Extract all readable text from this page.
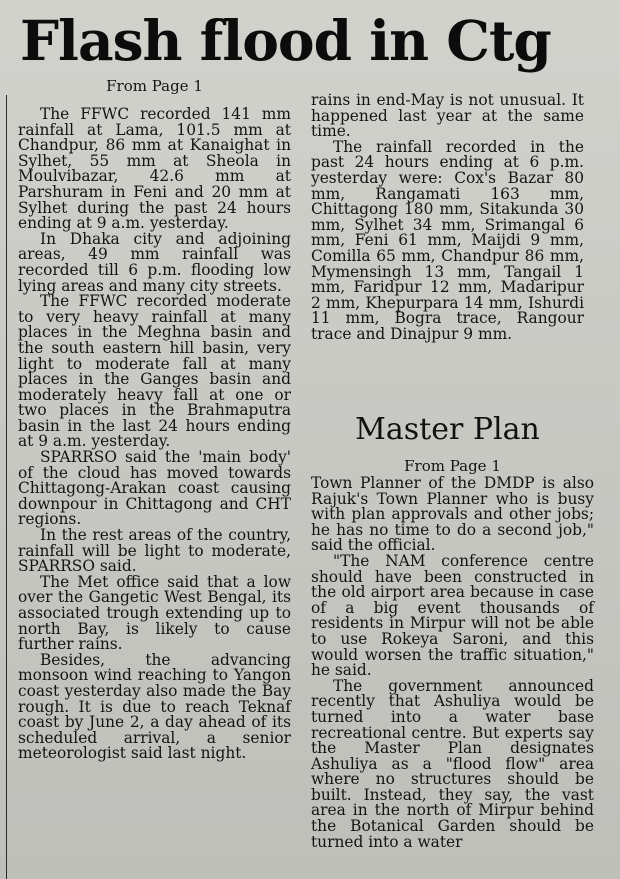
Flash flood in Ctg
From Page 1

The FFWC recorded 141 mm rainfall at Lama, 101.5 mm at Chandpur, 86 mm at Kanaighat in Sylhet, 55 mm at Sheola in Moulvibazar, 42.6 mm at Parshuram in Feni and 20 mm at Sylhet during the past 24 hours ending at 9 a.m. yesterday.

In Dhaka city and adjoining areas, 49 mm rainfall was recorded till 6 p.m. flooding low lying areas and many city streets.

The FFWC recorded moderate to very heavy rainfall at many places in the Meghna basin and the south eastern hill basin, very light to moderate fall at many places in the Ganges basin and moderately heavy fall at one or two places in the Brahmaputra basin in the last 24 hours ending at 9 a.m. yesterday.

SPARRSO said the 'main body' of the cloud has moved towards Chittagong-Arakan coast causing downpour in Chittagong and CHT regions.

In the rest areas of the country, rainfall will be light to moderate, SPARRSO said.

The Met office said that a low over the Gangetic West Bengal, its associated trough extending up to north Bay, is likely to cause further rains.

Besides, the advancing monsoon wind reaching to Yangon coast yesterday also made the Bay rough. It is due to reach Teknaf coast by June 2, a day ahead of its scheduled arrival, a senior meteorologist said last night.

rains in end-May is not unusual. It happened last year at the same time.

The rainfall recorded in the past 24 hours ending at 6 p.m. yesterday were: Cox's Bazar 80 mm, Rangamati 163 mm, Chittagong 180 mm, Sitakunda 30 mm, Sylhet 34 mm, Srimangal 6 mm, Feni 61 mm, Maijdi 9 mm, Comilla 65 mm, Chandpur 86 mm, Mymensingh 13 mm, Tangail 1 mm, Faridpur 12 mm, Madaripur 2 mm, Khepurpara 14 mm, Ishurdi 11 mm, Bogra trace, Rangour trace and Dinajpur 9 mm.

Master Plan
From Page 1

Town Planner of the DMDP is also Rajuk's Town Planner who is busy with plan approvals and other jobs; he has no time to do a second job," said the official.

"The NAM conference centre should have been constructed in the old airport area because in case of a big event thousands of residents in Mirpur will not be able to use Rokeya Saroni, and this would worsen the traffic situation," he said.

The government announced recently that Ashuliya would be turned into a water base recreational centre. But experts say the Master Plan designates Ashuliya as a "flood flow" area where no structures should be built. Instead, they say, the vast area in the north of Mirpur behind the Botanical Garden should be turned into a water
